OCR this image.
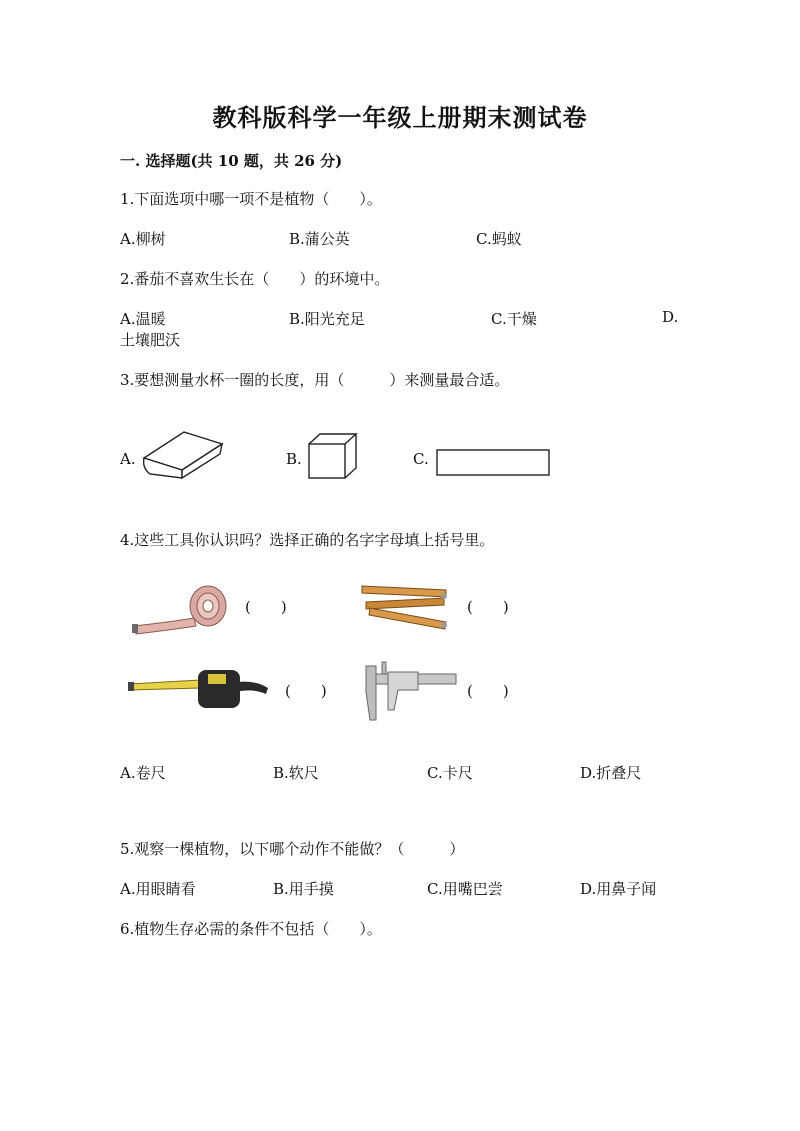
教科版科学一年级上册期末测试卷
一. 选择题(共 10 题，共 26 分)
1.下面选项中哪一项不是植物（　　）。
A.柳树	B.蒲公英	C.蚂蚁
2.番茄不喜欢生长在（　　）的环境中。
A.温暖	B.阳光充足	C.干燥	D.
土壤肥沃
3.要想测量水杯一圈的长度，用（　　　）来测量最合适。
A.	B.	C.
4.这些工具你认识吗？选择正确的名字字母填上括号里。
(　　)	(　　)
(　　)	(　　)
A.卷尺	B.软尺	C.卡尺	D.折叠尺
5.观察一棵植物，以下哪个动作不能做？（　　　）
A.用眼睛看	B.用手摸	C.用嘴巴尝	D.用鼻子闻
6.植物生存必需的条件不包括（　　）。
